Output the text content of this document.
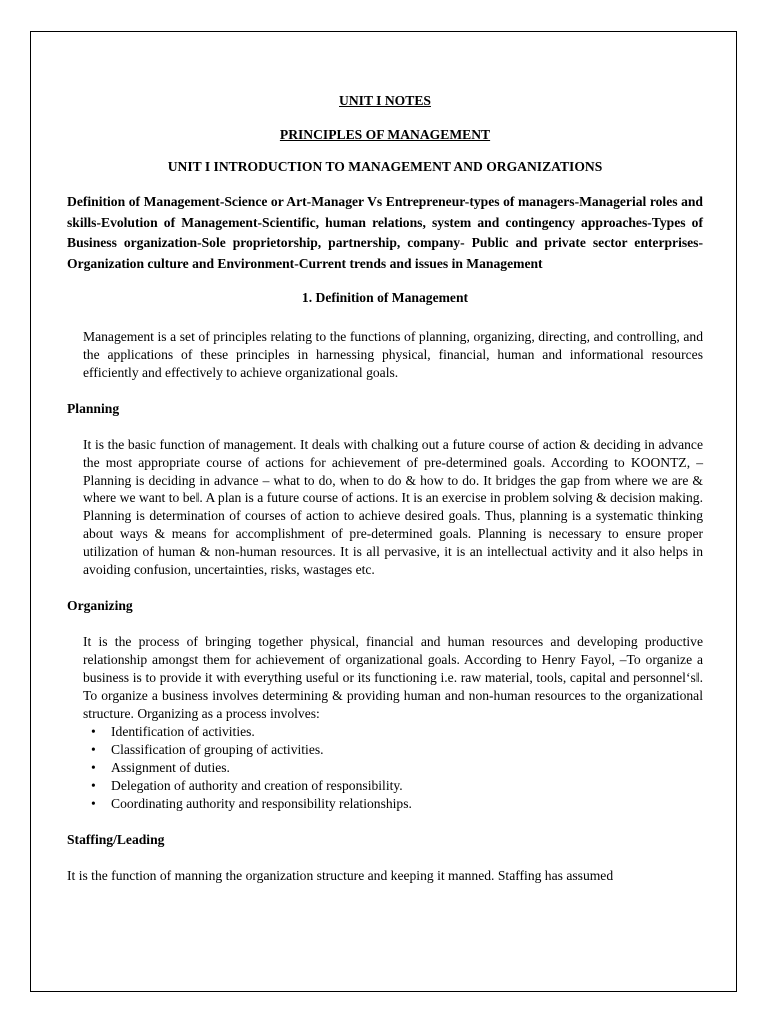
UNIT I NOTES

PRINCIPLES OF MANAGEMENT

UNIT I INTRODUCTION TO MANAGEMENT AND ORGANIZATIONS

Definition of Management-Science or Art-Manager Vs Entrepreneur-types of managers-Managerial roles and skills-Evolution of Management-Scientific, human relations, system and contingency approaches-Types of Business organization-Sole proprietorship, partnership, company- Public and private sector enterprises-Organization culture and Environment-Current trends and issues in Management

1. Definition of Management

Management is a set of principles relating to the functions of planning, organizing, directing, and controlling, and the applications of these principles in harnessing physical, financial, human and informational resources efficiently and effectively to achieve organizational goals.

Planning

It is the basic function of management. It deals with chalking out a future course of action & deciding in advance the most appropriate course of actions for achievement of pre-determined goals. According to KOONTZ, –Planning is deciding in advance – what to do, when to do & how to do. It bridges the gap from where we are & where we want to be‖. A plan is a future course of actions. It is an exercise in problem solving & decision making. Planning is determination of courses of action to achieve desired goals. Thus, planning is a systematic thinking about ways & means for accomplishment of pre-determined goals. Planning is necessary to ensure proper utilization of human & non-human resources. It is all pervasive, it is an intellectual activity and it also helps in avoiding confusion, uncertainties, risks, wastages etc.

Organizing

It is the process of bringing together physical, financial and human resources and developing productive relationship amongst them for achievement of organizational goals. According to Henry Fayol, –To organize a business is to provide it with everything useful or its functioning i.e. raw material, tools, capital and personnel‘s‖. To organize a business involves determining & providing human and non-human resources to the organizational structure. Organizing as a process involves:

• Identification of activities.
• Classification of grouping of activities.
• Assignment of duties.
• Delegation of authority and creation of responsibility.
• Coordinating authority and responsibility relationships.

Staffing/Leading

It is the function of manning the organization structure and keeping it manned. Staffing has assumed
